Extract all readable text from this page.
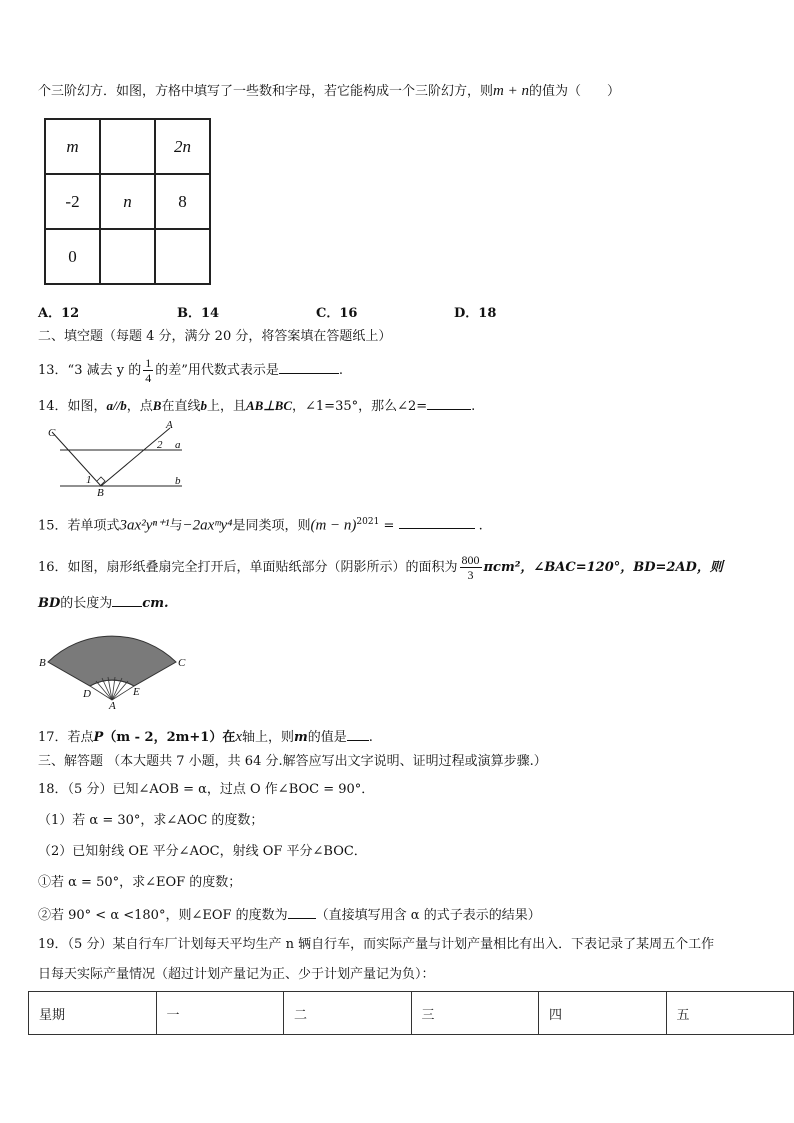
个三阶幻方．如图，方格中填写了一些数和字母，若它能构成一个三阶幻方，则m + n的值为（　　）
m		2n
-2	n	8
0		
A．12	B．14	C．16	D．18
二、填空题（每题 4 分，满分 20 分，将答案填在答题纸上）
13．“3 减去 y 的 $\frac{1}{4}$ 的差”用代数式表示是	.
14．如图，a//b，点B在直线b上，且AB⊥BC，∠1=35°，那么∠2=	.
C
A
a
b
1
2
B
15．若单项式3ax²yⁿ⁺¹与−2axᵐy⁴是同类项，则$(m - n)^{2021}$ =	.
16．如图，扇形纸叠扇完全打开后，单面贴纸部分（阴影所示）的面积为 $\frac{800}{3} \pi cm^2$，∠BAC=120°，BD=2AD，则
BD的长度为 cm.
B	C
D	E
A
17．若点P（m - 2，2m+1）在x轴上，则m的值是 .
三、解答题 （本大题共 7 小题，共 64 分.解答应写出文字说明、证明过程或演算步骤.）
18．（5 分）已知∠AOB = α，过点 O 作∠BOC = 90°．
（1）若 α = 30°，求∠AOC 的度数；
（2）已知射线 OE 平分∠AOC，射线 OF 平分∠BOC．
①若 α = 50°，求∠EOF 的度数；
②若 90° < α <180°，则∠EOF 的度数为 （直接填写用含 α 的式子表示的结果）
19．（5 分）某自行车厂计划每天平均生产 n 辆自行车，而实际产量与计划产量相比有出入．下表记录了某周五个工作
日每天实际产量情况（超过计划产量记为正、少于计划产量记为负）：
星期	一	二	三	四	五
